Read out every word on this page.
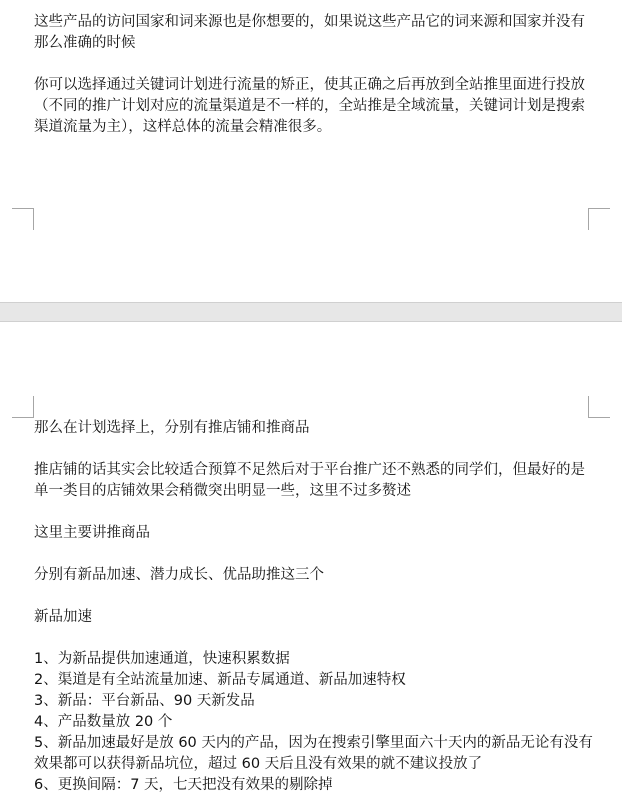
这些产品的访问国家和词来源也是你想要的，如果说这些产品它的词来源和国家并没有那么准确的时候

你可以选择通过关键词计划进行流量的矫正，使其正确之后再放到全站推里面进行投放（不同的推广计划对应的流量渠道是不一样的，全站推是全域流量，关键词计划是搜索渠道流量为主），这样总体的流量会精准很多。

那么在计划选择上，分别有推店铺和推商品

推店铺的话其实会比较适合预算不足然后对于平台推广还不熟悉的同学们，但最好的是单一类目的店铺效果会稍微突出明显一些，这里不过多赘述

这里主要讲推商品

分别有新品加速、潜力成长、优品助推这三个

新品加速

1、为新品提供加速通道，快速积累数据
2、渠道是有全站流量加速、新品专属通道、新品加速特权
3、新品：平台新品、90 天新发品
4、产品数量放 20 个
5、新品加速最好是放 60 天内的产品，因为在搜索引擎里面六十天内的新品无论有没有效果都可以获得新品坑位，超过 60 天后且没有效果的就不建议投放了
6、更换间隔：7 天，七天把没有效果的剔除掉
